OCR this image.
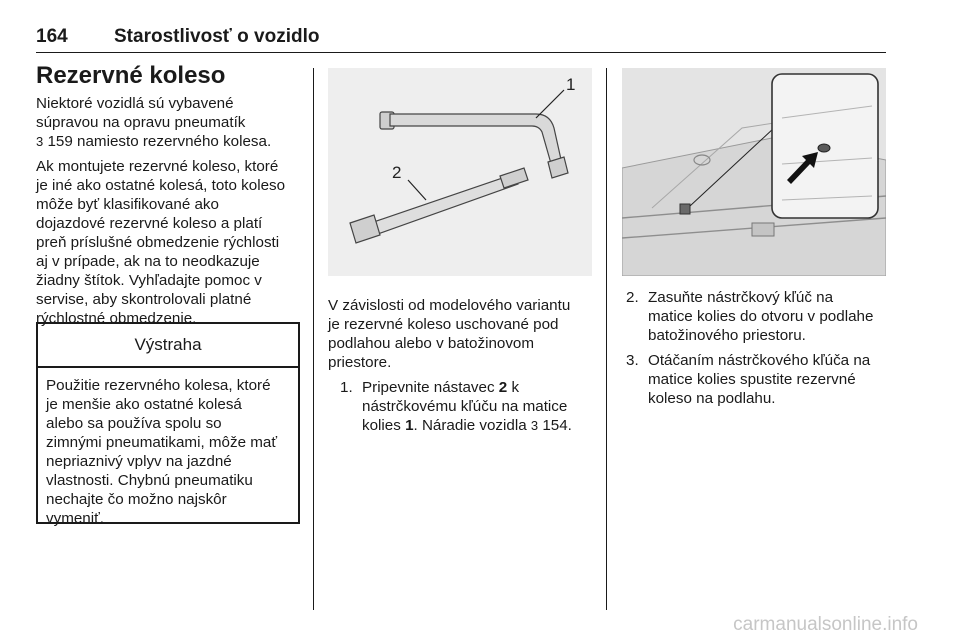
164 Starostlivosť o vozidlo
Rezervné koleso
Niektoré vozidlá sú vybavené
súpravou na opravu pneumatík
3 159 namiesto rezervného kolesa.
Ak montujete rezervné koleso, ktoré
je iné ako ostatné kolesá, toto koleso
môže byť klasifikované ako
dojazdové rezervné koleso a platí
preň príslušné obmedzenie rýchlosti
aj v prípade, ak na to neodkazuje
žiadny štítok. Vyhľadajte pomoc v
servise, aby skontrolovali platné
rýchlostné obmedzenie.
Výstraha
Použitie rezervného kolesa, ktoré
je menšie ako ostatné kolesá
alebo sa používa spolu so
zimnými pneumatikami, môže mať
nepriaznivý vplyv na jazdné
vlastnosti. Chybnú pneumatiku
nechajte čo možno najskôr
vymeniť.
1
2
V závislosti od modelového variantu
je rezervné koleso uschované pod
podlahou alebo v batožinovom
priestore.
1. Pripevnite nástavec 2 k
nástrčkovému kľúču na matice
kolies 1. Náradie vozidla 3 154.
2. Zasuňte nástrčkový kľúč na
matice kolies do otvoru v podlahe
batožinového priestoru.
3. Otáčaním nástrčkového kľúča na
matice kolies spustite rezervné
koleso na podlahu.
carmanualsonline.info
